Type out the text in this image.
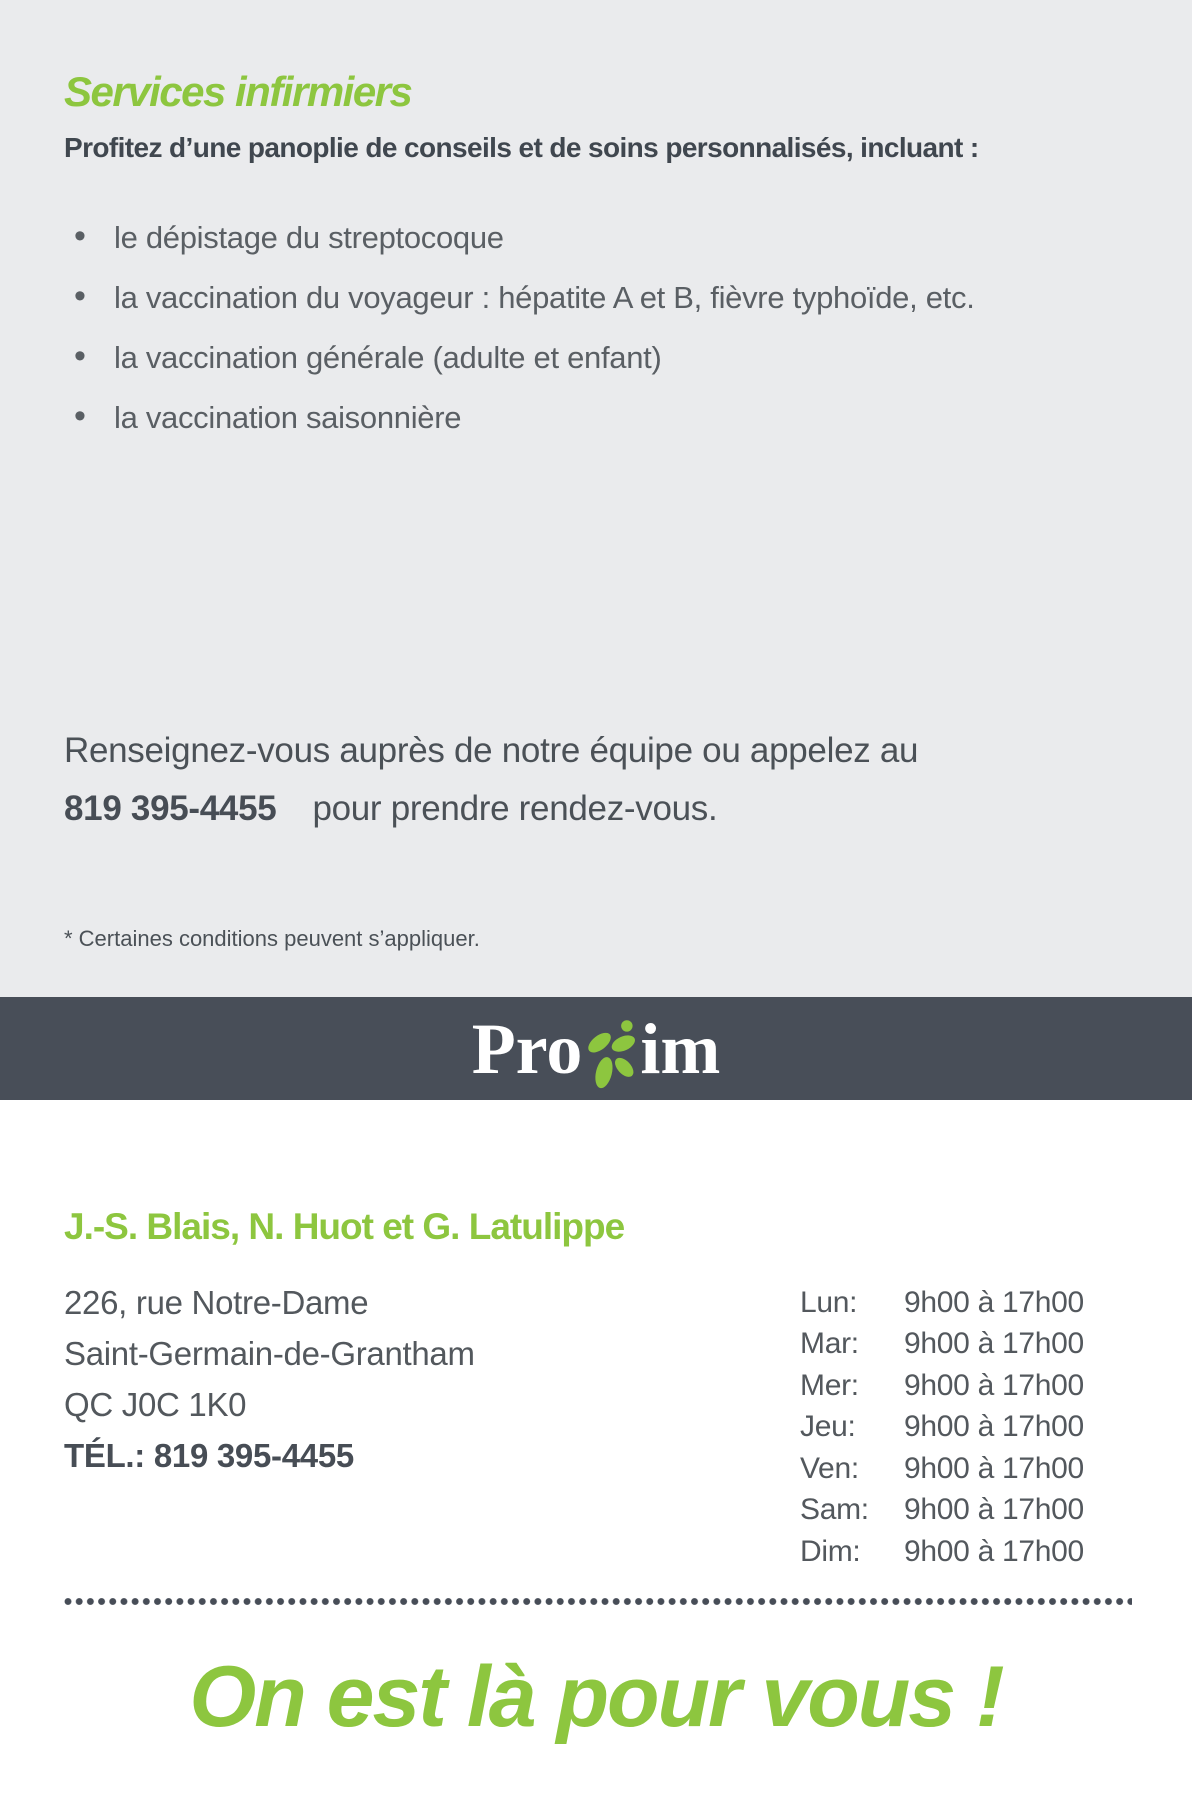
Services infirmiers
Profitez d’une panoplie de conseils et de soins personnalisés, incluant :
• le dépistage du streptocoque
• la vaccination du voyageur : hépatite A et B, fièvre typhoïde, etc.
• la vaccination générale (adulte et enfant)
• la vaccination saisonnière
Renseignez-vous auprès de notre équipe ou appelez au
819 395-4455 pour prendre rendez-vous.
* Certaines conditions peuvent s’appliquer.
Pro im
J.-S. Blais, N. Huot et G. Latulippe
226, rue Notre-Dame
Saint-Germain-de-Grantham
QC J0C 1K0
TÉL.: 819 395-4455
Lun:	9h00 à 17h00
Mar:	9h00 à 17h00
Mer:	9h00 à 17h00
Jeu:	9h00 à 17h00
Ven:	9h00 à 17h00
Sam:	9h00 à 17h00
Dim:	9h00 à 17h00
On est là pour vous !
